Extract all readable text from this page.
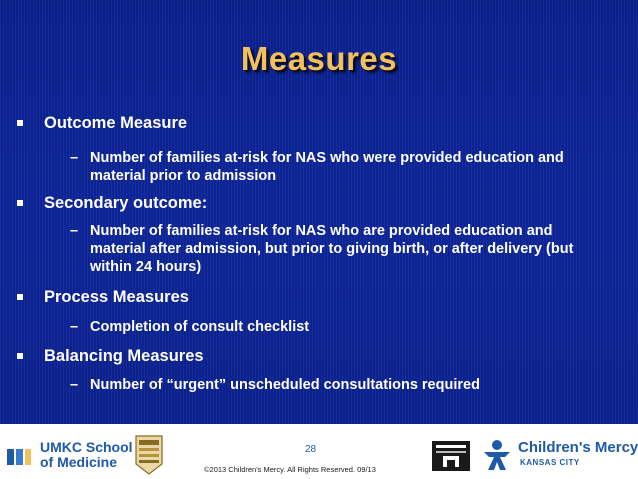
Measures
Outcome Measure
– Number of families at-risk for NAS who were provided education and material prior to admission
Secondary outcome:
– Number of families at-risk for NAS who are provided education and material after admission, but prior to giving birth, or after delivery (but within 24 hours)
Process Measures
– Completion of consult checklist
Balancing Measures
– Number of “urgent” unscheduled consultations required
UMKC School
of Medicine
28
©2013 Children's Mercy. All Rights Reserved. 09/13
Children's Mercy
KANSAS CITY
